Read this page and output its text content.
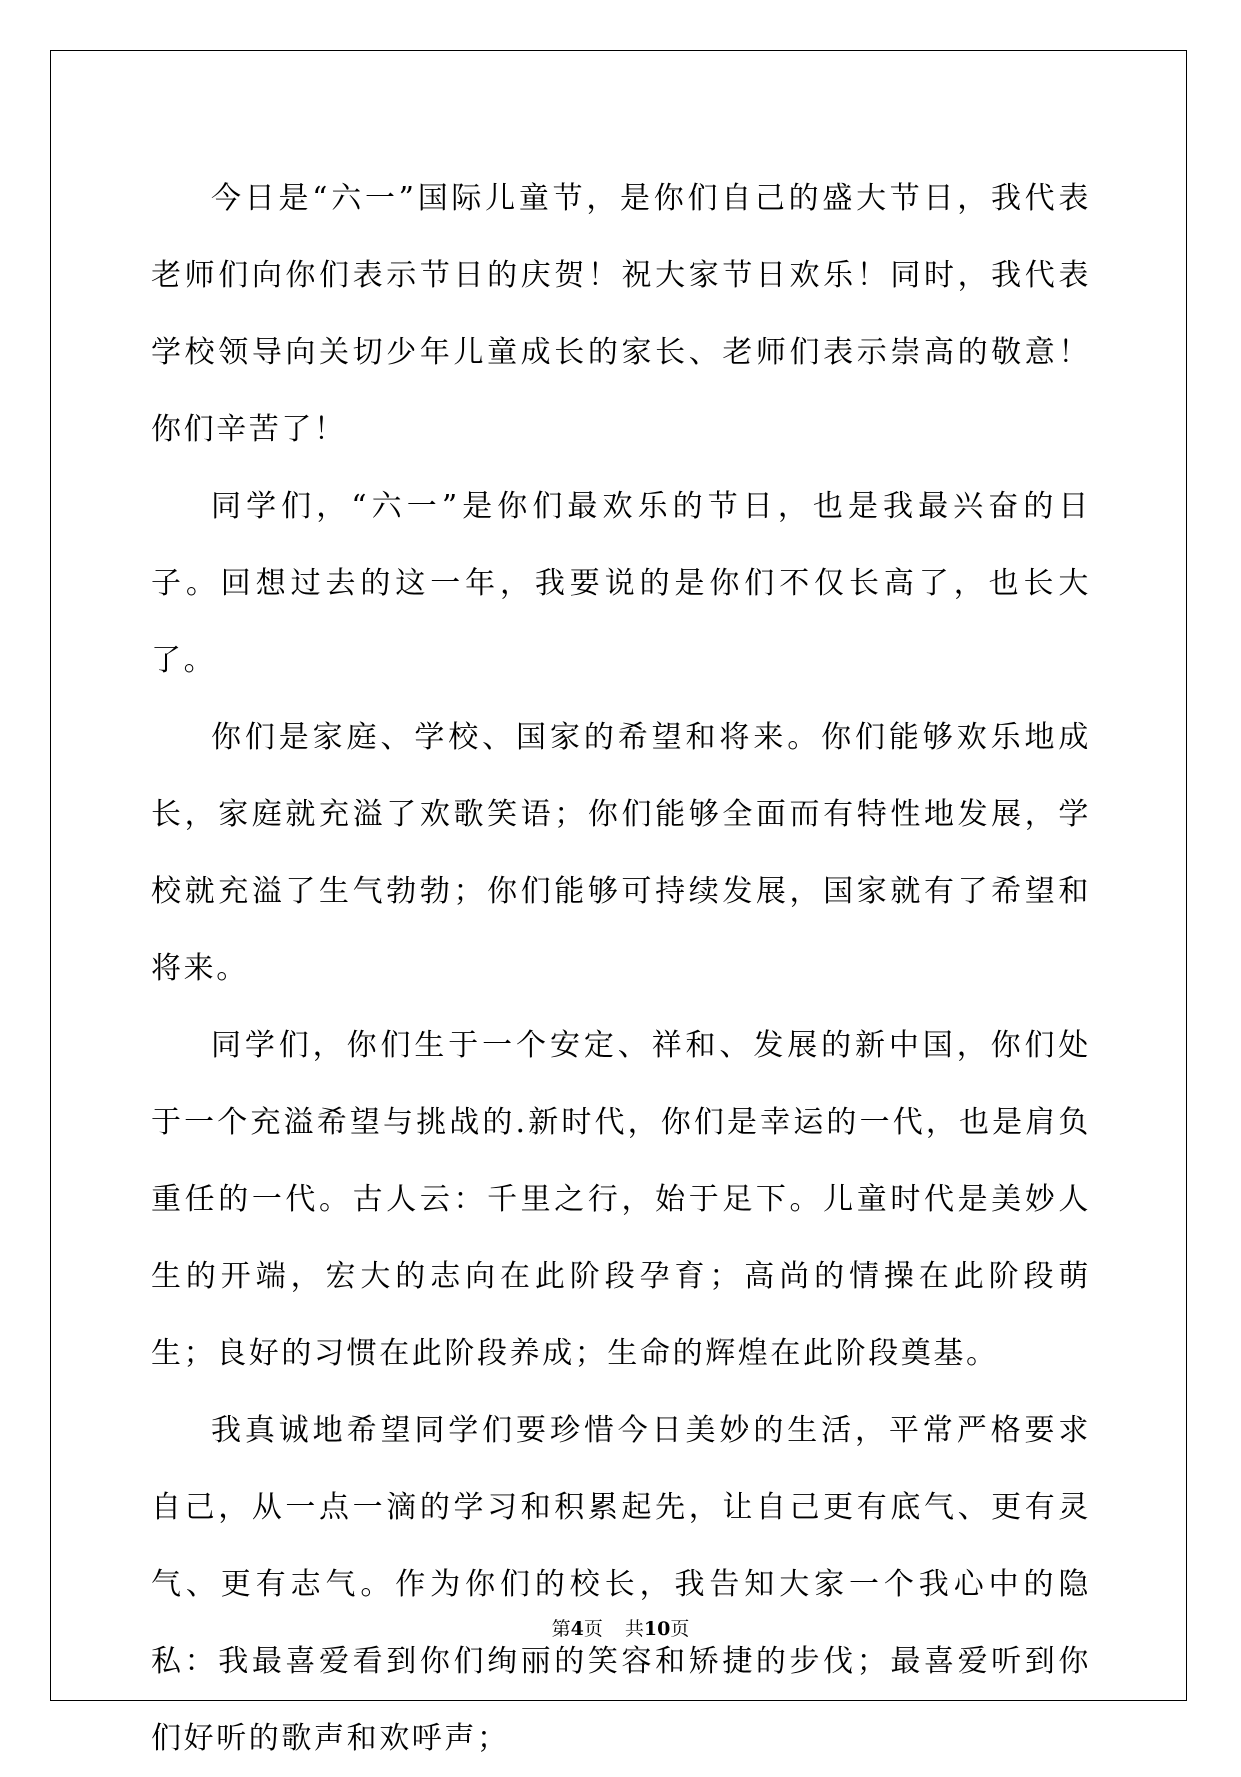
今日是“六一”国际儿童节，是你们自己的盛大节日，我代表老师们向你们表示节日的庆贺！祝大家节日欢乐！同时，我代表学校领导向关切少年儿童成长的家长、老师们表示崇高的敬意！你们辛苦了！

同学们，“六一”是你们最欢乐的节日，也是我最兴奋的日子。回想过去的这一年，我要说的是你们不仅长高了，也长大了。

你们是家庭、学校、国家的希望和将来。你们能够欢乐地成长，家庭就充溢了欢歌笑语；你们能够全面而有特性地发展，学校就充溢了生气勃勃；你们能够可持续发展，国家就有了希望和将来。

同学们，你们生于一个安定、祥和、发展的新中国，你们处于一个充溢希望与挑战的.新时代，你们是幸运的一代，也是肩负重任的一代。古人云：千里之行，始于足下。儿童时代是美妙人生的开端，宏大的志向在此阶段孕育；高尚的情操在此阶段萌生；良好的习惯在此阶段养成；生命的辉煌在此阶段奠基。

我真诚地希望同学们要珍惜今日美妙的生活，平常严格要求自己，从一点一滴的学习和积累起先，让自己更有底气、更有灵气、更有志气。作为你们的校长，我告知大家一个我心中的隐私：我最喜爱看到你们绚丽的笑容和矫捷的步伐；最喜爱听到你们好听的歌声和欢呼声；

第4页 共10页
